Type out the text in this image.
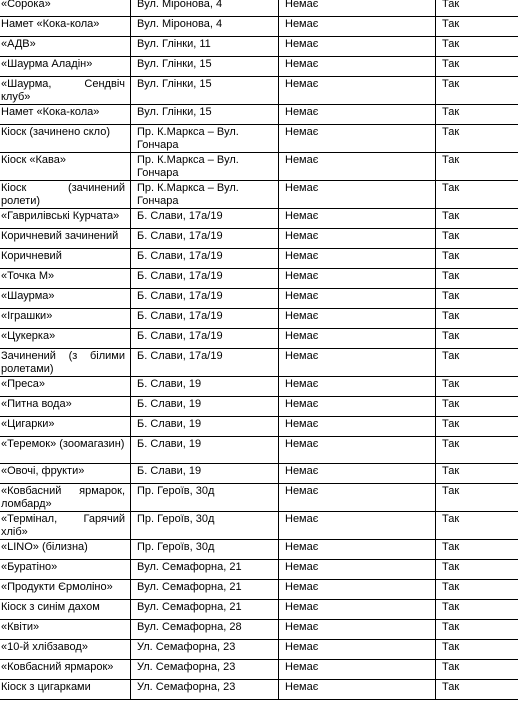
«Сорока»	Вул. Міронова, 4	Немає	Так
Намет «Кока-кола»	Вул. Міронова, 4	Немає	Так
«АДВ»	Вул. Глінки, 11	Немає	Так
«Шаурма Аладін»	Вул. Глінки, 15	Немає	Так
«Шаурма, Сендвіч клуб»	Вул. Глінки, 15	Немає	Так
Намет «Кока-кола»	Вул. Глінки, 15	Немає	Так
Кіоск (зачинено скло)	Пр. К.Маркса – Вул. Гончара	Немає	Так
Кіоск «Кава»	Пр. К.Маркса – Вул. Гончара	Немає	Так
Кіоск (зачинений ролети)	Пр. К.Маркса – Вул. Гончара	Немає	Так
«Гаврилівські Курчата»	Б. Слави, 17а/19	Немає	Так
Коричневий зачинений	Б. Слави, 17а/19	Немає	Так
Коричневий	Б. Слави, 17а/19	Немає	Так
«Точка М»	Б. Слави, 17а/19	Немає	Так
«Шаурма»	Б. Слави, 17а/19	Немає	Так
«Іграшки»	Б. Слави, 17а/19	Немає	Так
«Цукерка»	Б. Слави, 17а/19	Немає	Так
Зачинений (з білими ролетами)	Б. Слави, 17а/19	Немає	Так
«Преса»	Б. Слави, 19	Немає	Так
«Питна вода»	Б. Слави, 19	Немає	Так
«Цигарки»	Б. Слави, 19	Немає	Так
«Теремок» (зоомагазин)	Б. Слави, 19	Немає	Так
«Овочі, фрукти»	Б. Слави, 19	Немає	Так
«Ковбасний ярмарок, ломбард»	Пр. Героїв, 30д	Немає	Так
«Термінал, Гарячий хліб»	Пр. Героїв, 30д	Немає	Так
«LINO» (білизна)	Пр. Героїв, 30д	Немає	Так
«Буратіно»	Вул. Семафорна, 21	Немає	Так
«Продукти Єрмоліно»	Вул. Семафорна, 21	Немає	Так
Кіоск з синім дахом	Вул. Семафорна, 21	Немає	Так
«Квіти»	Вул. Семафорна, 28	Немає	Так
«10-й хлібзавод»	Ул. Семафорна, 23	Немає	Так
«Ковбасний ярмарок»	Ул. Семафорна, 23	Немає	Так
Кіоск з цигарками	Ул. Семафорна, 23	Немає	Так
